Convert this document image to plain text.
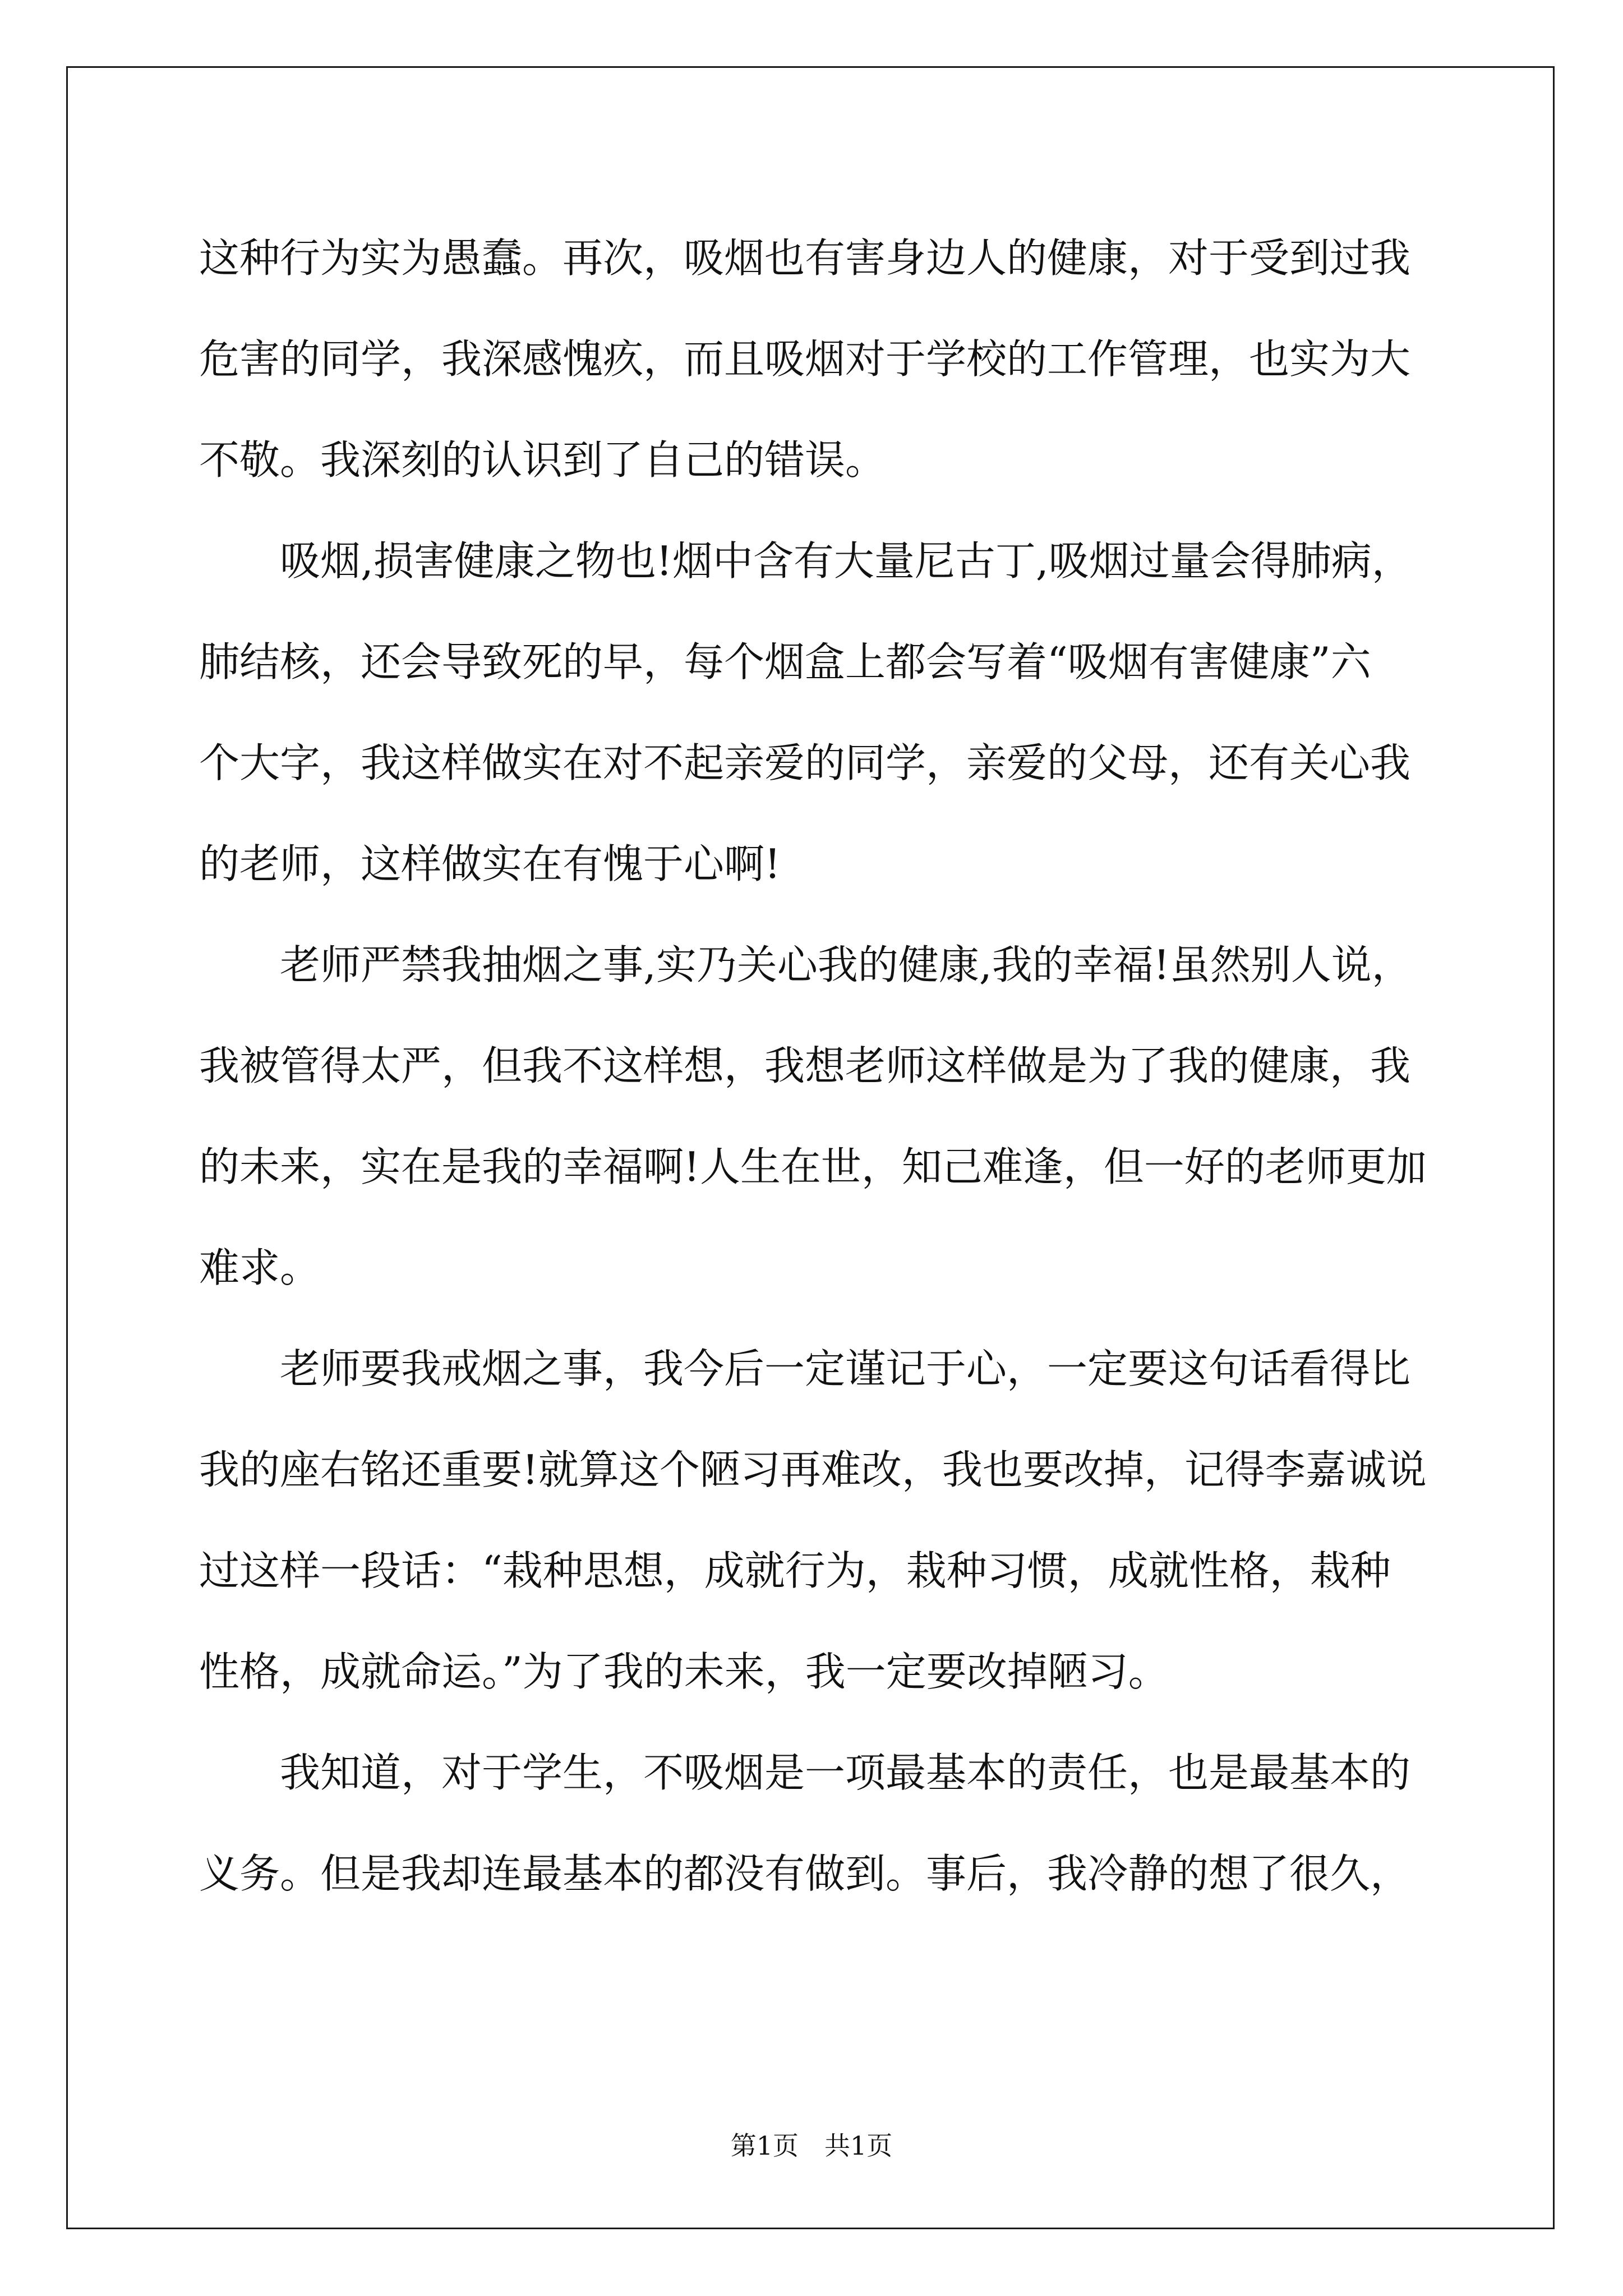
这种行为实为愚蠢。再次，吸烟也有害身边人的健康，对于受到过我
危害的同学，我深感愧疚，而且吸烟对于学校的工作管理，也实为大
不敬。我深刻的认识到了自己的错误。
吸烟,损害健康之物也!烟中含有大量尼古丁,吸烟过量会得肺病，
肺结核，还会导致死的早，每个烟盒上都会写着“吸烟有害健康”六
个大字，我这样做实在对不起亲爱的同学，亲爱的父母，还有关心我
的老师，这样做实在有愧于心啊!
老师严禁我抽烟之事,实乃关心我的健康,我的幸福!虽然别人说，
我被管得太严，但我不这样想，我想老师这样做是为了我的健康，我
的未来，实在是我的幸福啊!人生在世，知己难逢，但一好的老师更加
难求。
老师要我戒烟之事，我今后一定谨记于心，一定要这句话看得比
我的座右铭还重要!就算这个陋习再难改，我也要改掉，记得李嘉诚说
过这样一段话：“栽种思想，成就行为，栽种习惯，成就性格，栽种
性格，成就命运。”为了我的未来，我一定要改掉陋习。
我知道，对于学生，不吸烟是一项最基本的责任，也是最基本的
义务。但是我却连最基本的都没有做到。事后，我冷静的想了很久，
第1页　共1页
